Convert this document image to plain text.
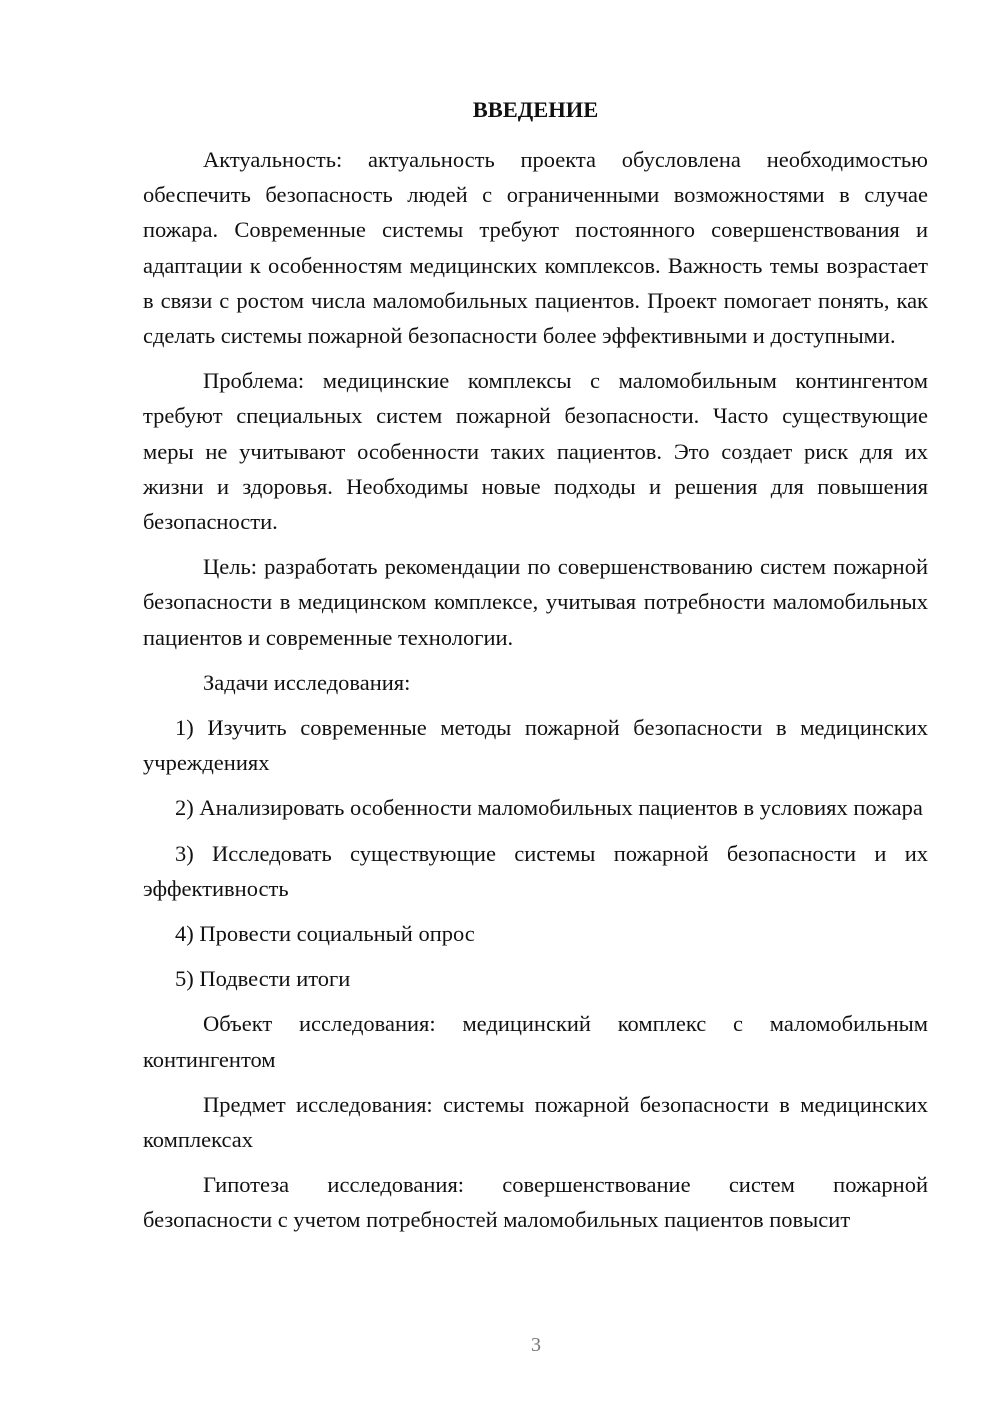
ВВЕДЕНИЕ

Актуальность: актуальность проекта обусловлена необходимостью обеспечить безопасность людей с ограниченными возможностями в случае пожара. Современные системы требуют постоянного совершенствования и адаптации к особенностям медицинских комплексов. Важность темы возрастает в связи с ростом числа маломобильных пациентов. Проект помогает понять, как сделать системы пожарной безопасности более эффективными и доступными.

Проблема: медицинские комплексы с маломобильным контингентом требуют специальных систем пожарной безопасности. Часто существующие меры не учитывают особенности таких пациентов. Это создает риск для их жизни и здоровья. Необходимы новые подходы и решения для повышения безопасности.

Цель: разработать рекомендации по совершенствованию систем пожарной безопасности в медицинском комплексе, учитывая потребности маломобильных пациентов и современные технологии.

Задачи исследования:

1) Изучить современные методы пожарной безопасности в медицинских учреждениях

2) Анализировать особенности маломобильных пациентов в условиях пожара

3) Исследовать существующие системы пожарной безопасности и их эффективность

4) Провести социальный опрос

5) Подвести итоги

Объект исследования: медицинский комплекс с маломобильным контингентом

Предмет исследования: системы пожарной безопасности в медицинских комплексах

Гипотеза исследования: совершенствование систем пожарной безопасности с учетом потребностей маломобильных пациентов повысит

3
